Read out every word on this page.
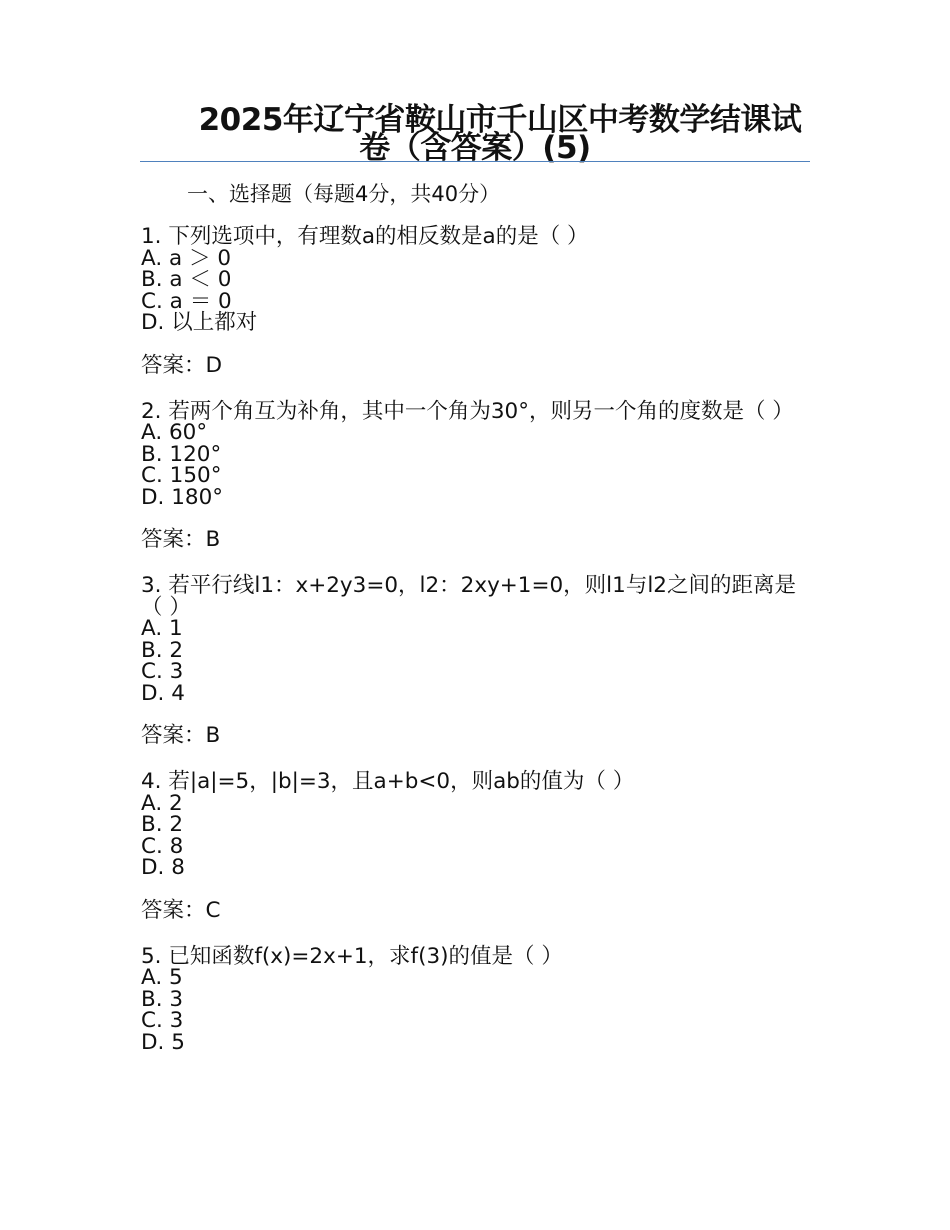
2025年辽宁省鞍山市千山区中考数学结课试卷（含答案）(5)

一、选择题（每题4分，共40分）

1. 下列选项中，有理数a的相反数是a的是（ ）

A. a ＞ 0

B. a ＜ 0

C. a ＝ 0

D. 以上都对

答案：D

2. 若两个角互为补角，其中一个角为30°，则另一个角的度数是（ ）

A. 60°

B. 120°

C. 150°

D. 180°

答案：B

3. 若平行线l1：x+2y3=0，l2：2xy+1=0，则l1与l2之间的距离是（ ）

A. 1

B. 2

C. 3

D. 4

答案：B

4. 若|a|=5，|b|=3，且a+b<0，则ab的值为（ ）

A. 2

B. 2

C. 8

D. 8

答案：C

5. 已知函数f(x)=2x+1，求f(3)的值是（ ）

A. 5

B. 3

C. 3

D. 5
